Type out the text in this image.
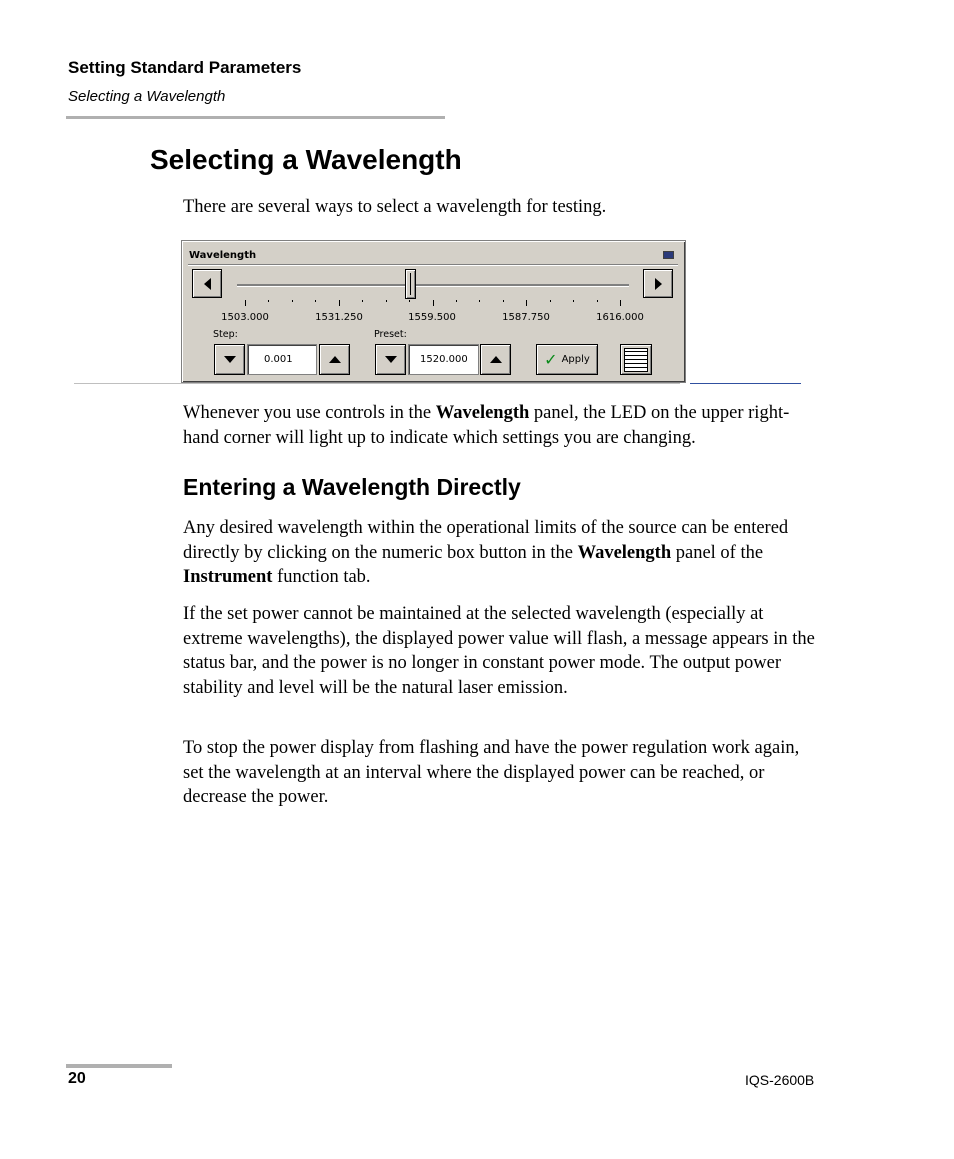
Setting Standard Parameters
Selecting a Wavelength
Selecting a Wavelength
There are several ways to select a wavelength for testing.
Wavelength
1503.000	1531.250	1559.500	1587.750	1616.000
Step:
0.001
Preset:
1520.000	✓ Apply
Whenever you use controls in the Wavelength panel, the LED on the upper right-hand corner will light up to indicate which settings you are changing.
Entering a Wavelength Directly
Any desired wavelength within the operational limits of the source can be entered directly by clicking on the numeric box button in the Wavelength panel of the Instrument function tab.
If the set power cannot be maintained at the selected wavelength (especially at extreme wavelengths), the displayed power value will flash, a message appears in the status bar, and the power is no longer in constant power mode. The output power stability and level will be the natural laser emission.
To stop the power display from flashing and have the power regulation work again, set the wavelength at an interval where the displayed power can be reached, or decrease the power.
20	IQS-2600B
